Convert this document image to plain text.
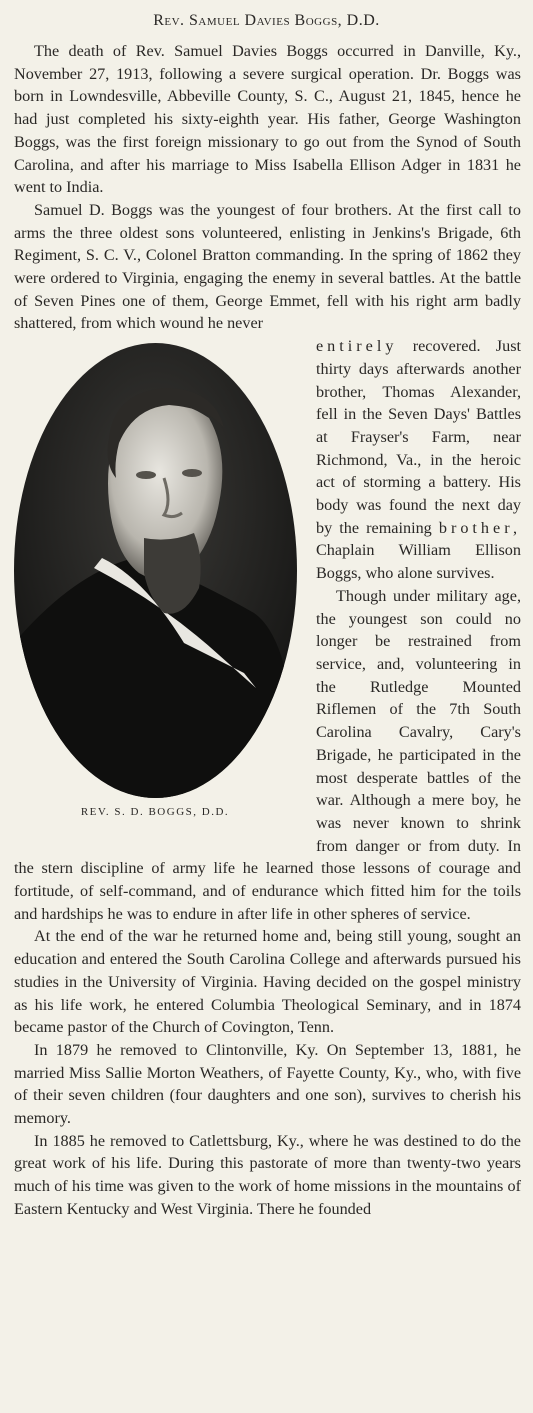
Rev. Samuel Davies Boggs, D.D.

The death of Rev. Samuel Davies Boggs occurred in Danville, Ky., November 27, 1913, following a severe surgical operation. Dr. Boggs was born in Lowndesville, Abbeville County, S. C., August 21, 1845, hence he had just completed his sixty-eighth year. His father, George Washington Boggs, was the first foreign missionary to go out from the Synod of South Carolina, and after his marriage to Miss Isabella Ellison Adger in 1831 he went to India.

Samuel D. Boggs was the youngest of four brothers. At the first call to arms the three oldest sons volunteered, enlisting in Jenkins's Brigade, 6th Regiment, S. C. V., Colonel Bratton commanding. In the spring of 1862 they were ordered to Virginia, engaging the enemy in several battles. At the battle of Seven Pines one of them, George Emmet, fell with his right arm badly shattered, from which wound he never

REV. S. D. BOGGS, D.D.

entirely recovered. Just thirty days afterwards another brother, Thomas Alexander, fell in the Seven Days' Battles at Frayser's Farm, near Richmond, Va., in the heroic act of storming a battery. His body was found the next day by the remaining brother, Chaplain William Ellison Boggs, who alone survives.

Though under military age, the youngest son could no longer be restrained from service, and, volunteering in the Rutledge Mounted Riflemen of the 7th South Carolina Cavalry, Cary's Brigade, he participated in the most desperate battles of the war. Although a mere boy, he was never known to shrink from danger or from duty. In the stern discipline of army life he learned those lessons of courage and fortitude, of self-command, and of endurance which fitted him for the toils and hardships he was to endure in after life in other spheres of service.

At the end of the war he returned home and, being still young, sought an education and entered the South Carolina College and afterwards pursued his studies in the University of Virginia. Having decided on the gospel ministry as his life work, he entered Columbia Theological Seminary, and in 1874 became pastor of the Church of Covington, Tenn.

In 1879 he removed to Clintonville, Ky. On September 13, 1881, he married Miss Sallie Morton Weathers, of Fayette County, Ky., who, with five of their seven children (four daughters and one son), survives to cherish his memory.

In 1885 he removed to Catlettsburg, Ky., where he was destined to do the great work of his life. During this pastorate of more than twenty-two years much of his time was given to the work of home missions in the mountains of Eastern Kentucky and West Virginia. There he founded
